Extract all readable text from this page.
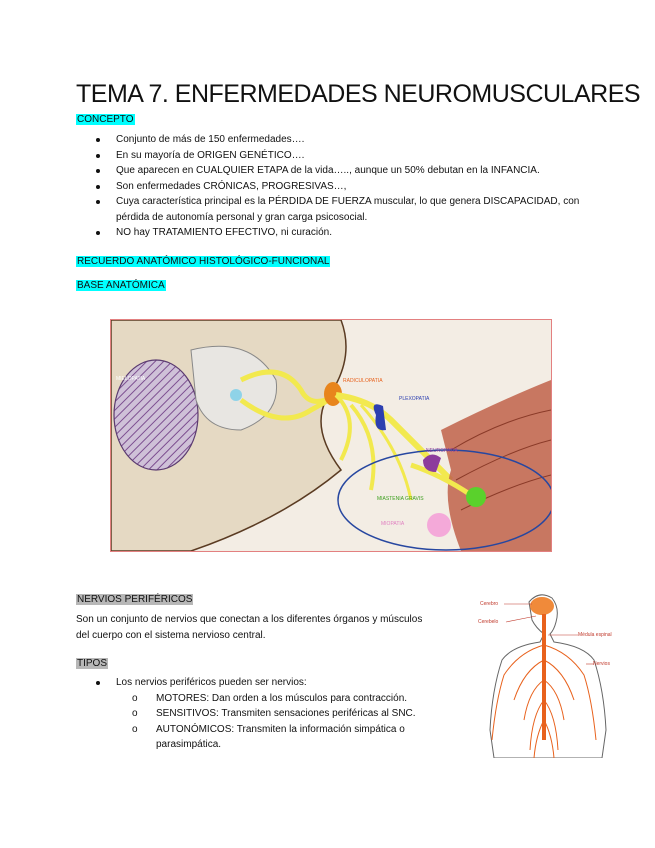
TEMA 7. ENFERMEDADES NEUROMUSCULARES
CONCEPTO
Conjunto de más de 150 enfermedades….
En su mayoría de ORIGEN GENÉTICO….
Que aparecen en CUALQUIER ETAPA de la vida….., aunque un 50% debutan en la INFANCIA.
Son enfermedades CRÓNICAS, PROGRESIVAS…,
Cuya característica principal es la PÉRDIDA DE FUERZA muscular, lo que genera DISCAPACIDAD, con pérdida de autonomía personal y gran carga psicosocial.
NO hay TRATAMIENTO EFECTIVO, ni curación.
RECUERDO ANATÓMICO HISTOLÓGICO-FUNCIONAL
BASE ANATÓMICA
MIELOPATIA	RADICULOPATIA
PLEXOPATIA
NEUROPATIA
MIASTENIA GRAVIS
MIOPATIA
NERVIOS PERIFÉRICOS
Son un conjunto de nervios que conectan a los diferentes órganos y músculos del cuerpo con el sistema nervioso central.
TIPOS
Los nervios periféricos pueden ser nervios:
o MOTORES: Dan orden a los músculos para contracción.
o SENSITIVOS: Transmiten sensaciones periféricas al SNC.
o AUTONÓMICOS: Transmiten la información simpática o parasimpática.
Cerebro
Cerebelo
Médula espinal
Nervios
